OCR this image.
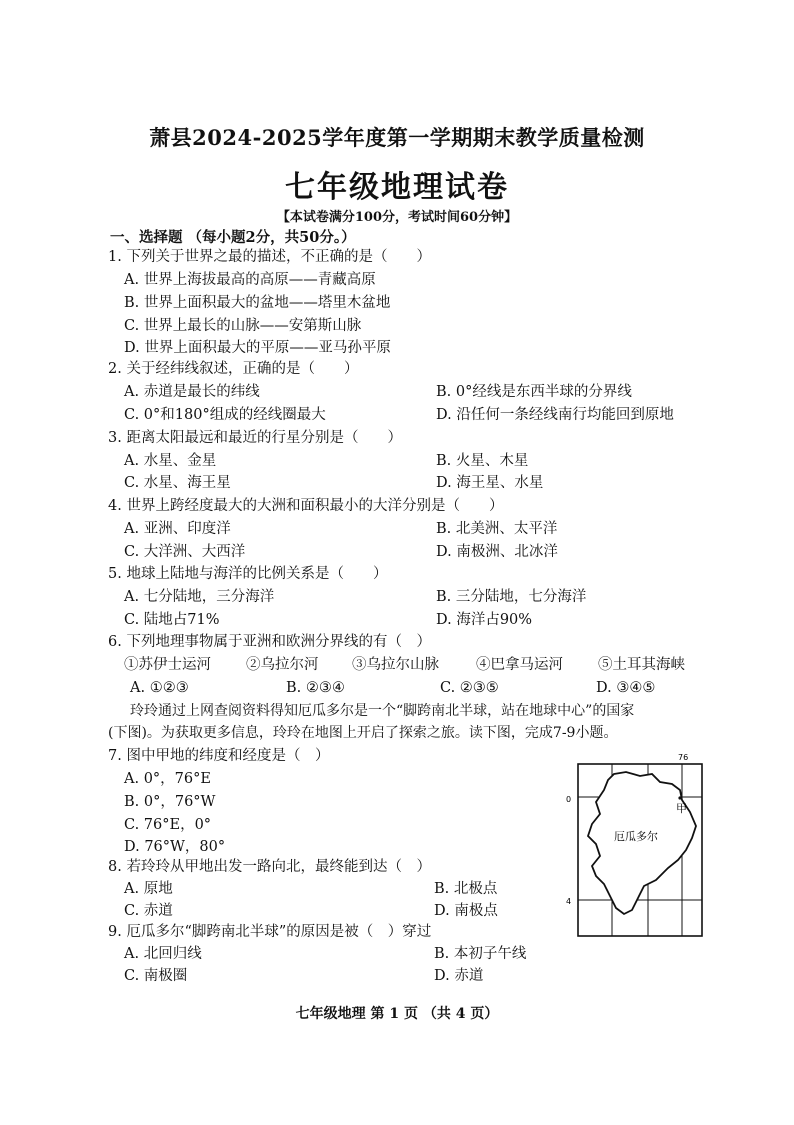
萧县2024-2025学年度第一学期期末教学质量检测
七年级地理试卷
【本试卷满分100分，考试时间60分钟】
一、选择题 （每小题2分，共50分。）
1. 下列关于世界之最的描述，不正确的是（　　）
A. 世界上海拔最高的高原——青藏高原
B. 世界上面积最大的盆地——塔里木盆地
C. 世界上最长的山脉——安第斯山脉
D. 世界上面积最大的平原——亚马孙平原
2. 关于经纬线叙述，正确的是（　　）
A. 赤道是最长的纬线	B. 0°经线是东西半球的分界线
C. 0°和180°组成的经线圈最大	D. 沿任何一条经线南行均能回到原地
3. 距离太阳最远和最近的行星分别是（　　）
A. 水星、金星	B. 火星、木星
C. 水星、海王星	D. 海王星、水星
4. 世界上跨经度最大的大洲和面积最小的大洋分别是（　　）
A. 亚洲、印度洋	B. 北美洲、太平洋
C. 大洋洲、大西洋	D. 南极洲、北冰洋
5. 地球上陆地与海洋的比例关系是（　　）
A. 七分陆地，三分海洋	B. 三分陆地，七分海洋
C. 陆地占71%	D. 海洋占90%
6. 下列地理事物属于亚洲和欧洲分界线的有（　）
①苏伊士运河 ②乌拉尔河 ③乌拉尔山脉	④巴拿马运河 ⑤土耳其海峡
A. ①②③	B. ②③④	C. ②③⑤	D. ③④⑤
玲玲通过上网查阅资料得知厄瓜多尔是一个“脚跨南北半球，站在地球中心”的国家
(下图)。为获取更多信息，玲玲在地图上开启了探索之旅。读下图，完成7-9小题。
7. 图中甲地的纬度和经度是（　）
A. 0°，76°E
B. 0°，76°W
C. 76°E，0°
D. 76°W，80°
8. 若玲玲从甲地出发一路向北，最终能到达（　）
A. 原地	B. 北极点
C. 赤道	D. 南极点
9. 厄瓜多尔“脚跨南北半球”的原因是被（　）穿过
A. 北回归线	B. 本初子午线
C. 南极圈	D. 赤道
76
0
4
甲
厄瓜多尔
七年级地理 第 1 页 （共 4 页）
